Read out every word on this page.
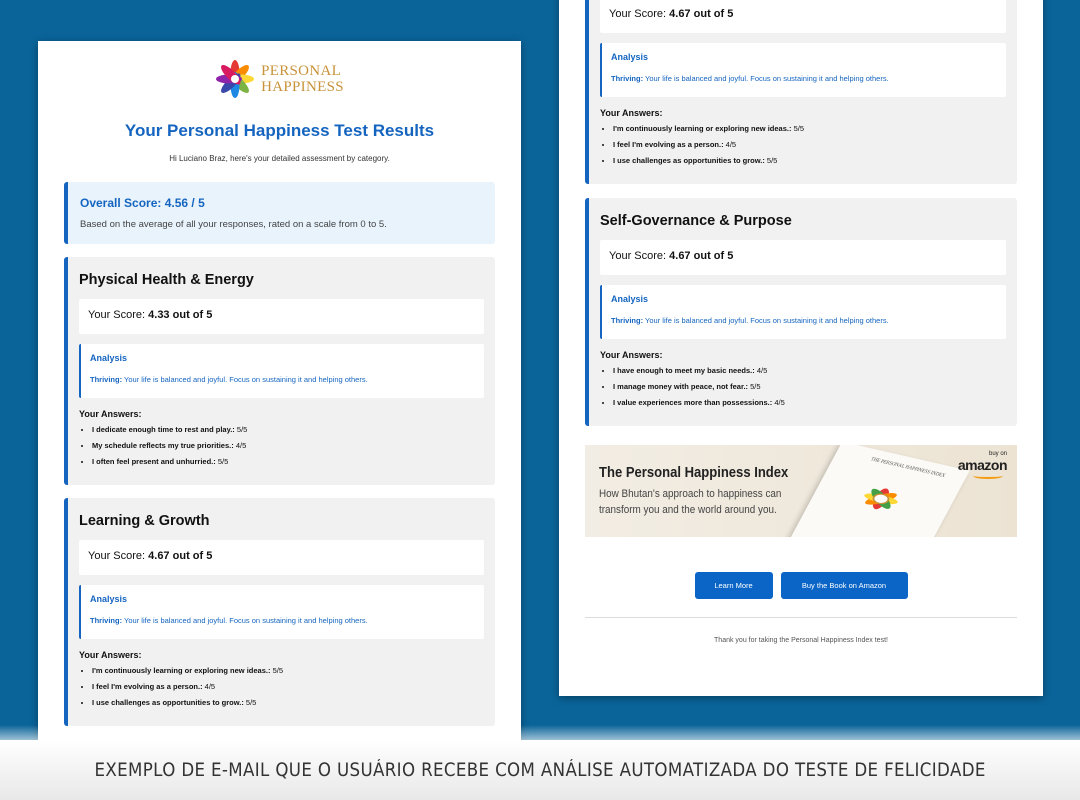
Your Score: 4.67 out of 5
Analysis
Thriving: Your life is balanced and joyful. Focus on sustaining it and helping others.
Your Answers:
• I'm continuously learning or exploring new ideas.: 5/5
• I feel I'm evolving as a person.: 4/5
• I use challenges as opportunities to grow.: 5/5
Self-Governance & Purpose
Your Score: 4.67 out of 5
Analysis
Thriving: Your life is balanced and joyful. Focus on sustaining it and helping others.
Your Answers:
• I have enough to meet my basic needs.: 4/5
• I manage money with peace, not fear.: 5/5
• I value experiences more than possessions.: 4/5
The Personal Happiness Index
How Bhutan's approach to happiness can transform you and the world around you.
THE PERSONAL HAPPINESS INDEX
buy on
amazon
Learn More	Buy the Book on Amazon
Thank you for taking the Personal Happiness Index test!
PERSONAL
HAPPINESS
Your Personal Happiness Test Results
Hi Luciano Braz, here's your detailed assessment by category.
Overall Score: 4.56 / 5
Based on the average of all your responses, rated on a scale from 0 to 5.
Physical Health & Energy
Your Score: 4.33 out of 5
Analysis
Thriving: Your life is balanced and joyful. Focus on sustaining it and helping others.
Your Answers:
• I dedicate enough time to rest and play.: 5/5
• My schedule reflects my true priorities.: 4/5
• I often feel present and unhurried.: 5/5
Learning & Growth
Your Score: 4.67 out of 5
Analysis
Thriving: Your life is balanced and joyful. Focus on sustaining it and helping others.
Your Answers:
• I'm continuously learning or exploring new ideas.: 5/5
• I feel I'm evolving as a person.: 4/5
• I use challenges as opportunities to grow.: 5/5
EXEMPLO DE E-MAIL QUE O USUÁRIO RECEBE COM ANÁLISE AUTOMATIZADA DO TESTE DE FELICIDADE
